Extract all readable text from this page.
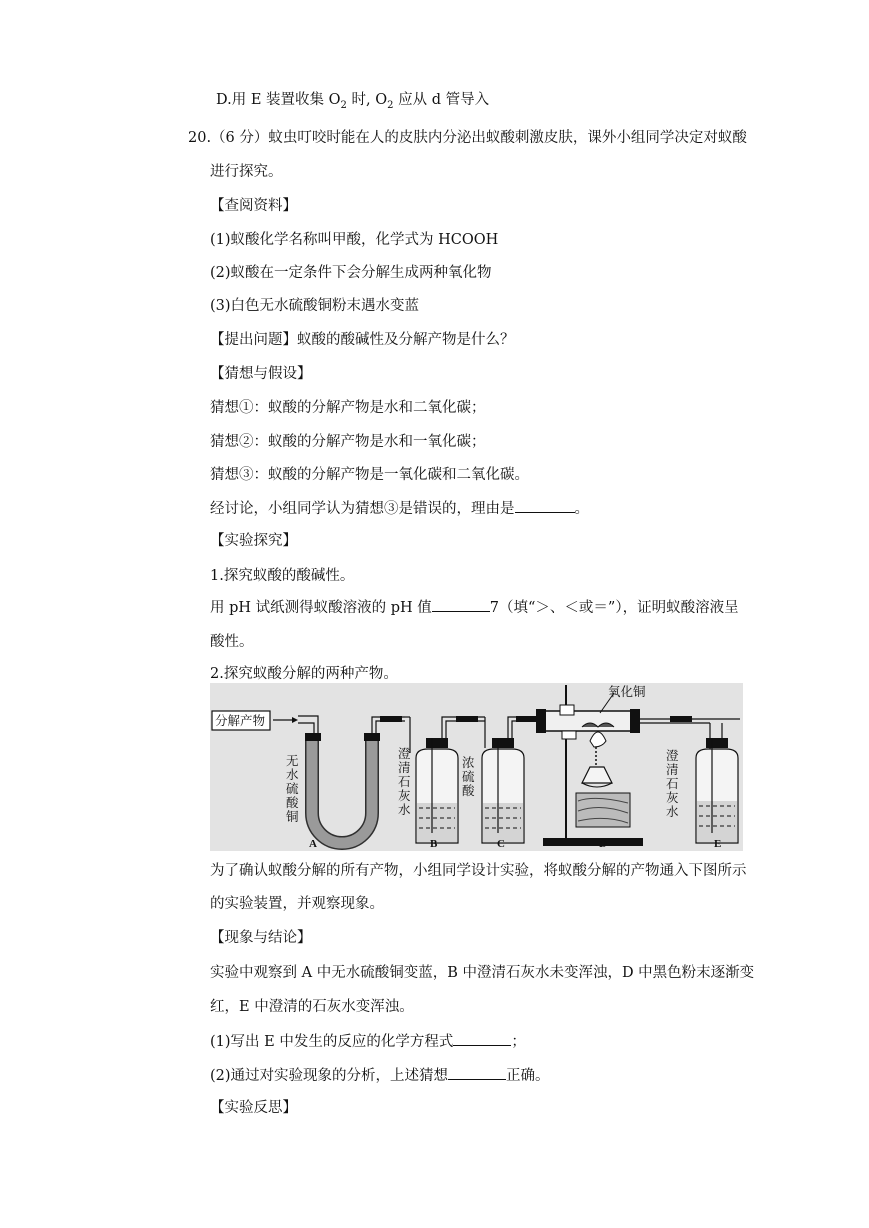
D.用 E 装置收集 $O_2$ 时, $O_2$ 应从 d 管导入
20.（6 分）蚊虫叮咬时能在人的皮肤内分泌出蚁酸刺激皮肤，课外小组同学决定对蚁酸
进行探究。
【查阅资料】
(1)蚁酸化学名称叫甲酸，化学式为 HCOOH
(2)蚁酸在一定条件下会分解生成两种氧化物
(3)白色无水硫酸铜粉末遇水变蓝
【提出问题】蚁酸的酸碱性及分解产物是什么？
【猜想与假设】
猜想①：蚁酸的分解产物是水和二氧化碳；
猜想②：蚁酸的分解产物是水和一氧化碳；
猜想③：蚁酸的分解产物是一氧化碳和二氧化碳。
经讨论，小组同学认为猜想③是错误的，理由是	。
【实验探究】
1.探究蚁酸的酸碱性。
用 pH 试纸测得蚁酸溶液的 pH 值	7（填“＞、＜或＝”），证明蚁酸溶液呈
酸性。
2.探究蚁酸分解的两种产物。
分解产物
无
水
硫
酸
铜
澄
清
石
灰
水
浓
硫
酸
氧化铜
澄
清
石
灰
水
A	B	C	D	E
为了确认蚁酸分解的所有产物，小组同学设计实验，将蚁酸分解的产物通入下图所示
的实验装置，并观察现象。
【现象与结论】
实验中观察到 A 中无水硫酸铜变蓝，B 中澄清石灰水未变浑浊，D 中黑色粉末逐渐变
红，E 中澄清的石灰水变浑浊。
(1)写出 E 中发生的反应的化学方程式	；
(2)通过对实验现象的分析，上述猜想	正确。
【实验反思】
